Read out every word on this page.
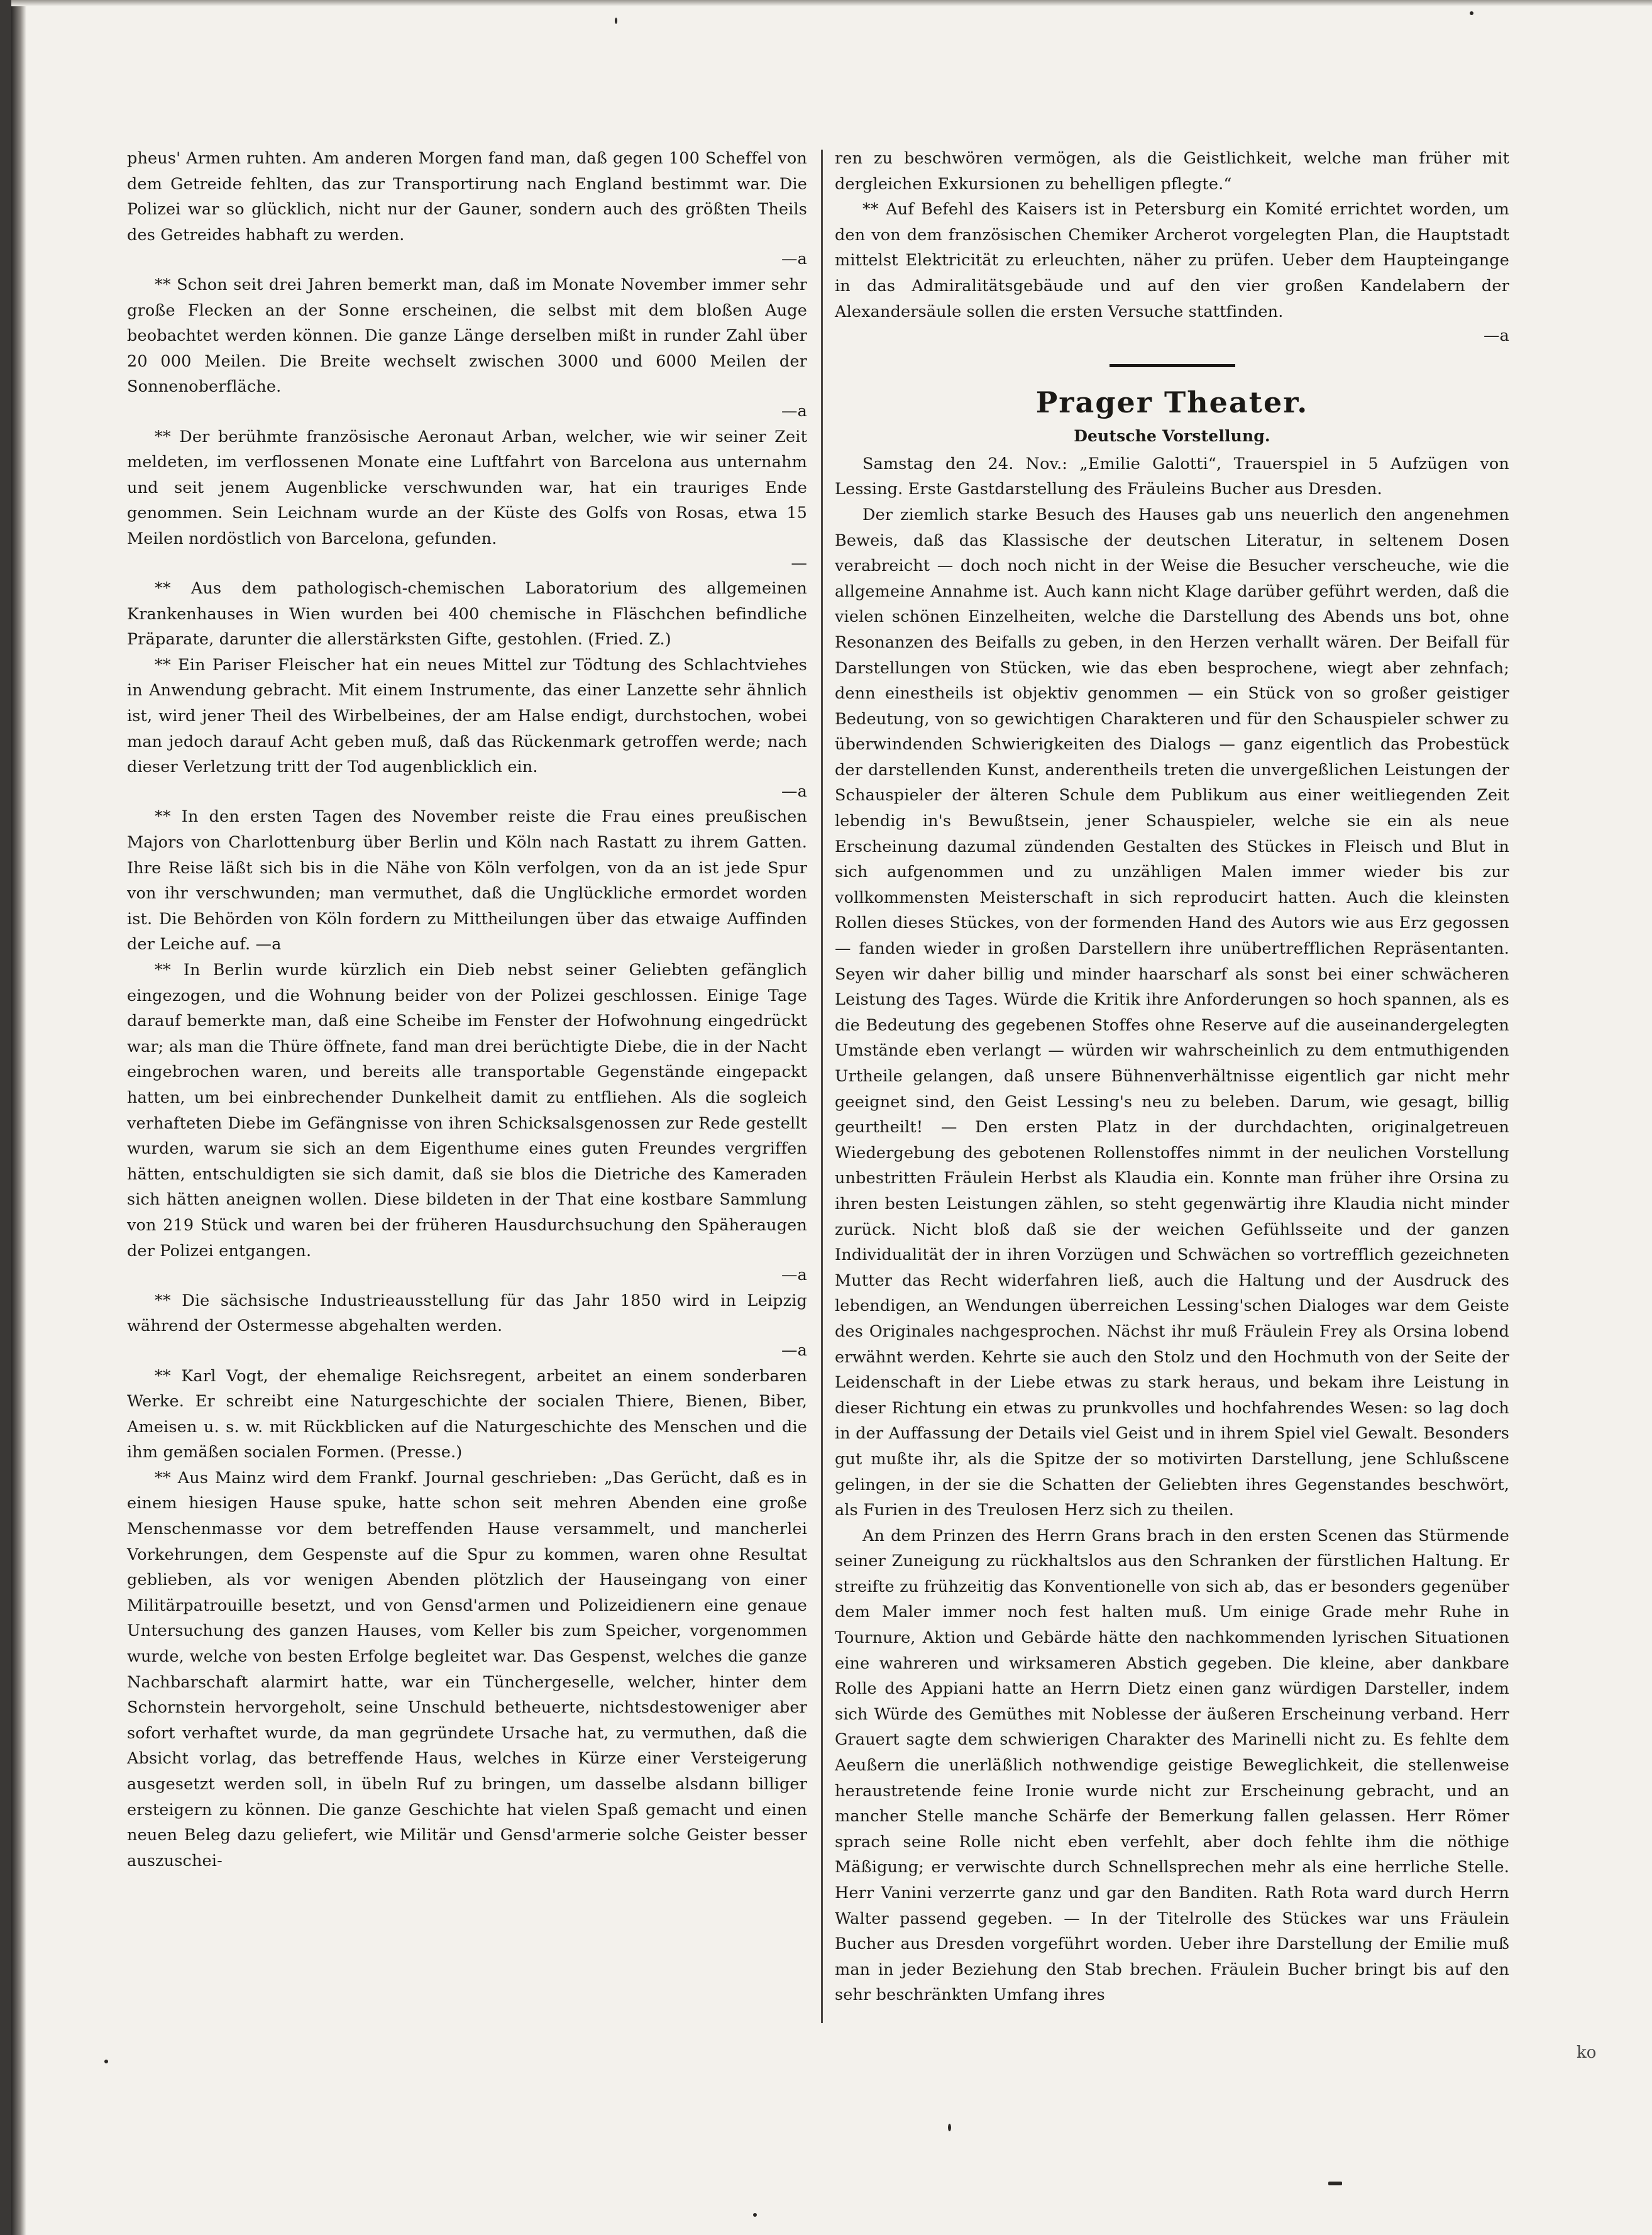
pheus' Armen ruhten. Am anderen Morgen fand man, daß gegen 100 Scheffel von dem Getreide fehlten, das zur Transportirung nach England bestimmt war. Die Polizei war so glücklich, nicht nur der Gauner, sondern auch des größten Theils des Getreides habhaft zu werden.

—a

** Schon seit drei Jahren bemerkt man, daß im Monate November immer sehr große Flecken an der Sonne erscheinen, die selbst mit dem bloßen Auge beobachtet werden können. Die ganze Länge derselben mißt in runder Zahl über 20 000 Meilen. Die Breite wechselt zwischen 3000 und 6000 Meilen der Sonnenoberfläche.

—a

** Der berühmte französische Aeronaut Arban, welcher, wie wir seiner Zeit meldeten, im verflossenen Monate eine Luftfahrt von Barcelona aus unternahm und seit jenem Augenblicke verschwunden war, hat ein trauriges Ende genommen. Sein Leichnam wurde an der Küste des Golfs von Rosas, etwa 15 Meilen nordöstlich von Barcelona, gefunden.

—

** Aus dem pathologisch-chemischen Laboratorium des allgemeinen Krankenhauses in Wien wurden bei 400 chemische in Fläschchen befindliche Präparate, darunter die allerstärksten Gifte, gestohlen. (Fried. Z.)

** Ein Pariser Fleischer hat ein neues Mittel zur Tödtung des Schlachtviehes in Anwendung gebracht. Mit einem Instrumente, das einer Lanzette sehr ähnlich ist, wird jener Theil des Wirbelbeines, der am Halse endigt, durchstochen, wobei man jedoch darauf Acht geben muß, daß das Rückenmark getroffen werde; nach dieser Verletzung tritt der Tod augenblicklich ein.

—a

** In den ersten Tagen des November reiste die Frau eines preußischen Majors von Charlottenburg über Berlin und Köln nach Rastatt zu ihrem Gatten. Ihre Reise läßt sich bis in die Nähe von Köln verfolgen, von da an ist jede Spur von ihr verschwunden; man vermuthet, daß die Unglückliche ermordet worden ist. Die Behörden von Köln fordern zu Mittheilungen über das etwaige Auffinden der Leiche auf. —a

** In Berlin wurde kürzlich ein Dieb nebst seiner Geliebten gefänglich eingezogen, und die Wohnung beider von der Polizei geschlossen. Einige Tage darauf bemerkte man, daß eine Scheibe im Fenster der Hofwohnung eingedrückt war; als man die Thüre öffnete, fand man drei berüchtigte Diebe, die in der Nacht eingebrochen waren, und bereits alle transportable Gegenstände eingepackt hatten, um bei einbrechender Dunkelheit damit zu entfliehen. Als die sogleich verhafteten Diebe im Gefängnisse von ihren Schicksalsgenossen zur Rede gestellt wurden, warum sie sich an dem Eigenthume eines guten Freundes vergriffen hätten, entschuldigten sie sich damit, daß sie blos die Dietriche des Kameraden sich hätten aneignen wollen. Diese bildeten in der That eine kostbare Sammlung von 219 Stück und waren bei der früheren Hausdurchsuchung den Späheraugen der Polizei entgangen.

—a

** Die sächsische Industrieausstellung für das Jahr 1850 wird in Leipzig während der Ostermesse abgehalten werden.

—a

** Karl Vogt, der ehemalige Reichsregent, arbeitet an einem sonderbaren Werke. Er schreibt eine Naturgeschichte der socialen Thiere, Bienen, Biber, Ameisen u. s. w. mit Rückblicken auf die Naturgeschichte des Menschen und die ihm gemäßen socialen Formen. (Presse.)

** Aus Mainz wird dem Frankf. Journal geschrieben: „Das Gerücht, daß es in einem hiesigen Hause spuke, hatte schon seit mehren Abenden eine große Menschenmasse vor dem betreffenden Hause versammelt, und mancherlei Vorkehrungen, dem Gespenste auf die Spur zu kommen, waren ohne Resultat geblieben, als vor wenigen Abenden plötzlich der Hauseingang von einer Militärpatrouille besetzt, und von Gensd'armen und Polizeidienern eine genaue Untersuchung des ganzen Hauses, vom Keller bis zum Speicher, vorgenommen wurde, welche von besten Erfolge begleitet war. Das Gespenst, welches die ganze Nachbarschaft alarmirt hatte, war ein Tünchergeselle, welcher, hinter dem Schornstein hervorgeholt, seine Unschuld betheuerte, nichtsdestoweniger aber sofort verhaftet wurde, da man gegründete Ursache hat, zu vermuthen, daß die Absicht vorlag, das betreffende Haus, welches in Kürze einer Versteigerung ausgesetzt werden soll, in übeln Ruf zu bringen, um dasselbe alsdann billiger ersteigern zu können. Die ganze Geschichte hat vielen Spaß gemacht und einen neuen Beleg dazu geliefert, wie Militär und Gensd'armerie solche Geister besser auszuschei-

ren zu beschwören vermögen, als die Geistlichkeit, welche man früher mit dergleichen Exkursionen zu behelligen pflegte.“

** Auf Befehl des Kaisers ist in Petersburg ein Komité errichtet worden, um den von dem französischen Chemiker Archerot vorgelegten Plan, die Hauptstadt mittelst Elektricität zu erleuchten, näher zu prüfen. Ueber dem Haupteingange in das Admiralitätsgebäude und auf den vier großen Kandelabern der Alexandersäule sollen die ersten Versuche stattfinden.

—a

Prager Theater.
Deutsche Vorstellung.

Samstag den 24. Nov.: „Emilie Galotti“, Trauerspiel in 5 Aufzügen von Lessing. Erste Gastdarstellung des Fräuleins Bucher aus Dresden.

Der ziemlich starke Besuch des Hauses gab uns neuerlich den angenehmen Beweis, daß das Klassische der deutschen Literatur, in seltenem Dosen verabreicht — doch noch nicht in der Weise die Besucher verscheuche, wie die allgemeine Annahme ist. Auch kann nicht Klage darüber geführt werden, daß die vielen schönen Einzelheiten, welche die Darstellung des Abends uns bot, ohne Resonanzen des Beifalls zu geben, in den Herzen verhallt wären. Der Beifall für Darstellungen von Stücken, wie das eben besprochene, wiegt aber zehnfach; denn einestheils ist objektiv genommen — ein Stück von so großer geistiger Bedeutung, von so gewichtigen Charakteren und für den Schauspieler schwer zu überwindenden Schwierigkeiten des Dialogs — ganz eigentlich das Probestück der darstellenden Kunst, anderentheils treten die unvergeßlichen Leistungen der Schauspieler der älteren Schule dem Publikum aus einer weitliegenden Zeit lebendig in's Bewußtsein, jener Schauspieler, welche sie ein als neue Erscheinung dazumal zündenden Gestalten des Stückes in Fleisch und Blut in sich aufgenommen und zu unzähligen Malen immer wieder bis zur vollkommensten Meisterschaft in sich reproducirt hatten. Auch die kleinsten Rollen dieses Stückes, von der formenden Hand des Autors wie aus Erz gegossen — fanden wieder in großen Darstellern ihre unübertrefflichen Repräsentanten. Seyen wir daher billig und minder haarscharf als sonst bei einer schwächeren Leistung des Tages. Würde die Kritik ihre Anforderungen so hoch spannen, als es die Bedeutung des gegebenen Stoffes ohne Reserve auf die auseinandergelegten Umstände eben verlangt — würden wir wahrscheinlich zu dem entmuthigenden Urtheile gelangen, daß unsere Bühnenverhältnisse eigentlich gar nicht mehr geeignet sind, den Geist Lessing's neu zu beleben. Darum, wie gesagt, billig geurtheilt! — Den ersten Platz in der durchdachten, originalgetreuen Wiedergebung des gebotenen Rollenstoffes nimmt in der neulichen Vorstellung unbestritten Fräulein Herbst als Klaudia ein. Konnte man früher ihre Orsina zu ihren besten Leistungen zählen, so steht gegenwärtig ihre Klaudia nicht minder zurück. Nicht bloß daß sie der weichen Gefühlsseite und der ganzen Individualität der in ihren Vorzügen und Schwächen so vortrefflich gezeichneten Mutter das Recht widerfahren ließ, auch die Haltung und der Ausdruck des lebendigen, an Wendungen überreichen Lessing'schen Dialoges war dem Geiste des Originales nachgesprochen. Nächst ihr muß Fräulein Frey als Orsina lobend erwähnt werden. Kehrte sie auch den Stolz und den Hochmuth von der Seite der Leidenschaft in der Liebe etwas zu stark heraus, und bekam ihre Leistung in dieser Richtung ein etwas zu prunkvolles und hochfahrendes Wesen: so lag doch in der Auffassung der Details viel Geist und in ihrem Spiel viel Gewalt. Besonders gut mußte ihr, als die Spitze der so motivirten Darstellung, jene Schlußscene gelingen, in der sie die Schatten der Geliebten ihres Gegenstandes beschwört, als Furien in des Treulosen Herz sich zu theilen.

An dem Prinzen des Herrn Grans brach in den ersten Scenen das Stürmende seiner Zuneigung zu rückhaltslos aus den Schranken der fürstlichen Haltung. Er streifte zu frühzeitig das Konventionelle von sich ab, das er besonders gegenüber dem Maler immer noch fest halten muß. Um einige Grade mehr Ruhe in Tournure, Aktion und Gebärde hätte den nachkommenden lyrischen Situationen eine wahreren und wirksameren Abstich gegeben. Die kleine, aber dankbare Rolle des Appiani hatte an Herrn Dietz einen ganz würdigen Darsteller, indem sich Würde des Gemüthes mit Noblesse der äußeren Erscheinung verband. Herr Grauert sagte dem schwierigen Charakter des Marinelli nicht zu. Es fehlte dem Aeußern die unerläßlich nothwendige geistige Beweglichkeit, die stellenweise heraustretende feine Ironie wurde nicht zur Erscheinung gebracht, und an mancher Stelle manche Schärfe der Bemerkung fallen gelassen. Herr Römer sprach seine Rolle nicht eben verfehlt, aber doch fehlte ihm die nöthige Mäßigung; er verwischte durch Schnellsprechen mehr als eine herrliche Stelle. Herr Vanini verzerrte ganz und gar den Banditen. Rath Rota ward durch Herrn Walter passend gegeben. — In der Titelrolle des Stückes war uns Fräulein Bucher aus Dresden vorgeführt worden. Ueber ihre Darstellung der Emilie muß man in jeder Beziehung den Stab brechen. Fräulein Bucher bringt bis auf den sehr beschränkten Umfang ihres

ko
